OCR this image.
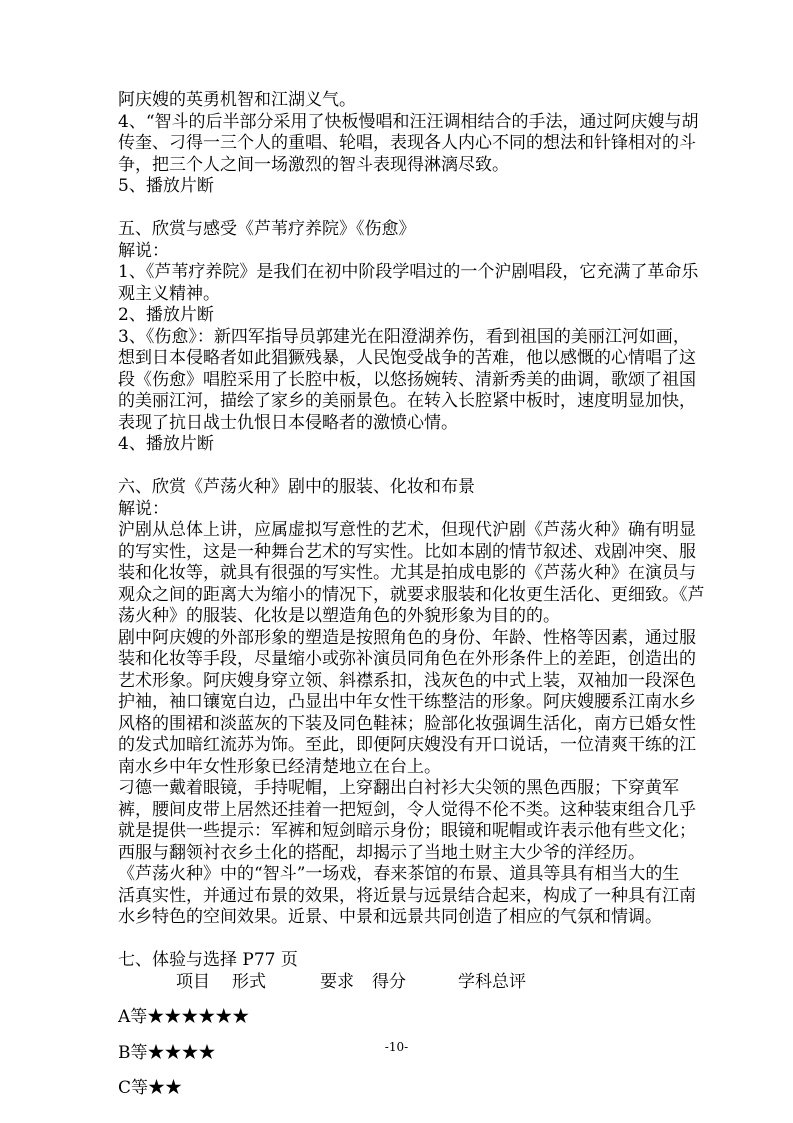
阿庆嫂的英勇机智和江湖义气。
4、“智斗的后半部分采用了快板慢唱和汪汪调相结合的手法，通过阿庆嫂与胡
传奎、刁得一三个人的重唱、轮唱，表现各人内心不同的想法和针锋相对的斗
争，把三个人之间一场激烈的智斗表现得淋漓尽致。
5、播放片断
五、欣赏与感受《芦苇疗养院》《伤愈》
解说：
1、《芦苇疗养院》是我们在初中阶段学唱过的一个沪剧唱段，它充满了革命乐
观主义精神。
2、播放片断
3、《伤愈》：新四军指导员郭建光在阳澄湖养伤，看到祖国的美丽江河如画，
想到日本侵略者如此猖獗残暴，人民饱受战争的苦难，他以感慨的心情唱了这
段《伤愈》唱腔采用了长腔中板，以悠扬婉转、清新秀美的曲调，歌颂了祖国
的美丽江河，描绘了家乡的美丽景色。在转入长腔紧中板时，速度明显加快，
表现了抗日战士仇恨日本侵略者的激愤心情。
4、播放片断
六、欣赏《芦荡火种》剧中的服装、化妆和布景
解说：
沪剧从总体上讲，应属虚拟写意性的艺术，但现代沪剧《芦荡火种》确有明显
的写实性，这是一种舞台艺术的写实性。比如本剧的情节叙述、戏剧冲突、服
装和化妆等，就具有很强的写实性。尤其是拍成电影的《芦荡火种》在演员与
观众之间的距离大为缩小的情况下，就要求服装和化妆更生活化、更细致。《芦
荡火种》的服装、化妆是以塑造角色的外貌形象为目的的。
剧中阿庆嫂的外部形象的塑造是按照角色的身份、年龄、性格等因素，通过服
装和化妆等手段，尽量缩小或弥补演员同角色在外形条件上的差距，创造出的
艺术形象。阿庆嫂身穿立领、斜襟系扣，浅灰色的中式上装，双袖加一段深色
护袖，袖口镶宽白边，凸显出中年女性干练整洁的形象。阿庆嫂腰系江南水乡
风格的围裙和淡蓝灰的下装及同色鞋袜；脸部化妆强调生活化，南方已婚女性
的发式加暗红流苏为饰。至此，即便阿庆嫂没有开口说话，一位清爽干练的江
南水乡中年女性形象已经清楚地立在台上。
刁德一戴着眼镜，手持呢帽，上穿翻出白衬衫大尖领的黑色西服；下穿黄军
裤，腰间皮带上居然还挂着一把短剑，令人觉得不伦不类。这种装束组合几乎
就是提供一些提示：军裤和短剑暗示身份；眼镜和呢帽或许表示他有些文化；
西服与翻领衬衣乡土化的搭配，却揭示了当地土财主大少爷的洋经历。
《芦荡火种》中的“智斗”一场戏，春来茶馆的布景、道具等具有相当大的生
活真实性，并通过布景的效果，将近景与远景结合起来，构成了一种具有江南
水乡特色的空间效果。近景、中景和远景共同创造了相应的气氛和情调。
七、体验与选择 P77 页
项目 形式	要求 得分	学科总评
A等★★★★★★
B等★★★★
C等★★
-10-
